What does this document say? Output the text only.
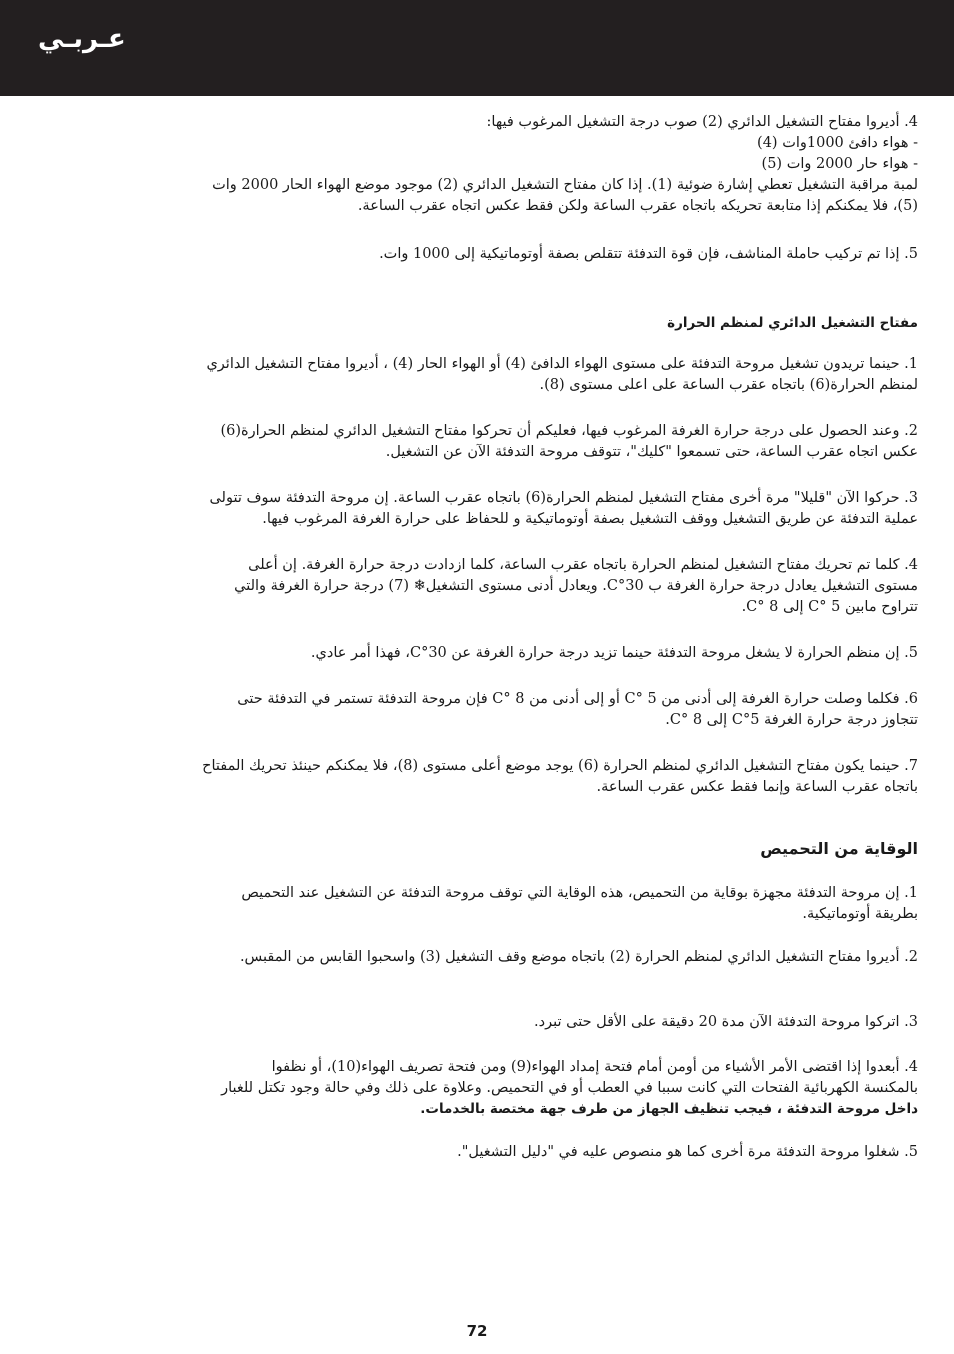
عـربـي

4. أديروا مفتاح التشغيل الدائري (2) صوب درجة التشغيل المرغوب فيها:

- هواء دافئ 1000وات (4)

- هواء حار 2000 وات (5)

لمبة مراقبة التشغيل تعطي إشارة ضوئية (1). إذا كان مفتاح التشغيل الدائري (2) موجود موضع الهواء الحار 2000 وات

(5)، فلا يمكنكم إذا متابعة تحريكه باتجاه عقرب الساعة ولكن فقط عكس اتجاه عقرب الساعة.

5. إذا تم تركيب حاملة المناشف، فإن قوة التدفئة تتقلص بصفة أوتوماتيكية إلى 1000 وات.

مفتاح التشغيل الدائري لمنظم الحرارة

1. حينما تريدون تشغيل مروحة التدفئة على مستوى الهواء الدافئ (4) أو الهواء الحار (4) ، أديروا مفتاح التشغيل الدائري

لمنظم الحرارة(6) باتجاه عقرب الساعة على اعلى مستوى (8).

2. وعند الحصول على درجة حرارة الغرفة المرغوب فيها، فعليكم أن تحركوا مفتاح التشغيل الدائري لمنظم الحرارة(6)

عكس اتجاه عقرب الساعة، حتى تسمعوا "كليك"، تتوقف مروحة التدفئة الآن عن التشغيل.

3. حركوا الآن "قليلا" مرة أخرى مفتاح التشغيل لمنظم الحرارة(6) باتجاه عقرب الساعة. إن مروحة التدفئة سوف تتولى

عملية التدفئة عن طريق التشغيل ووقف التشغيل بصفة أوتوماتيكية و للحفاظ على حرارة الغرفة المرغوب فيها.

4. كلما تم تحريك مفتاح التشغيل لمنظم الحرارة باتجاه عقرب الساعة، كلما ازدادت درجة حرارة الغرفة. إن أعلى

مستوى التشغيل يعادل درجة حرارة الغرفة ب 30°C. ويعادل أدنى مستوى التشغيل❄ (7) درجة حرارة الغرفة والتي

تتراوح مابين 5 °C إلى 8 °C.

5. إن منظم الحرارة لا يشغل مروحة التدفئة حينما تزيد درجة حرارة الغرفة عن 30°C، فهذا أمر عادي.

6. فكلما وصلت حرارة الغرفة إلى أدنى من 5 °C أو إلى أدنى من 8 °C فإن مروحة التدفئة تستمر في التدفئة حتى

تتجاوز درجة حرارة الغرفة 5°C إلى 8 °C.

7. حينما يكون مفتاح التشغيل الدائري لمنظم الحرارة (6) يوجد موضع أعلى مستوى (8)، فلا يمكنكم حينئذ تحريك المفتاح

باتجاه عقرب الساعة وإنما فقط عكس عقرب الساعة.

الوقاية من التحميص

1. إن مروحة التدفئة مجهزة بوقاية من التحميص، هذه الوقاية التي توقف مروحة التدفئة عن التشغيل عند التحميص

بطريقة أوتوماتيكية.

2. أديروا مفتاح التشغيل الدائري لمنظم الحرارة (2) باتجاه موضع وقف التشغيل (3) واسحبوا القابس من المقبس.

3. اتركوا مروحة التدفئة الآن مدة 20 دقيقة على الأقل حتى تبرد.

4. أبعدوا إذا اقتضى الأمر الأشياء من أومن أمام فتحة إمداد الهواء(9) ومن فتحة تصريف الهواء(10)، أو نظفوا

بالمكنسة الكهربائية الفتحات التي كانت سببا في العطب أو في التحميص. وعلاوة على ذلك وفي حالة وجود تكتل للغبار

داخل مروحة التدفئة ، فيجب تنظيف الجهاز من طرف جهة مختصة بالخدمات.

5. شغلوا مروحة التدفئة مرة أخرى كما هو منصوص عليه في "دليل التشغيل".

72
